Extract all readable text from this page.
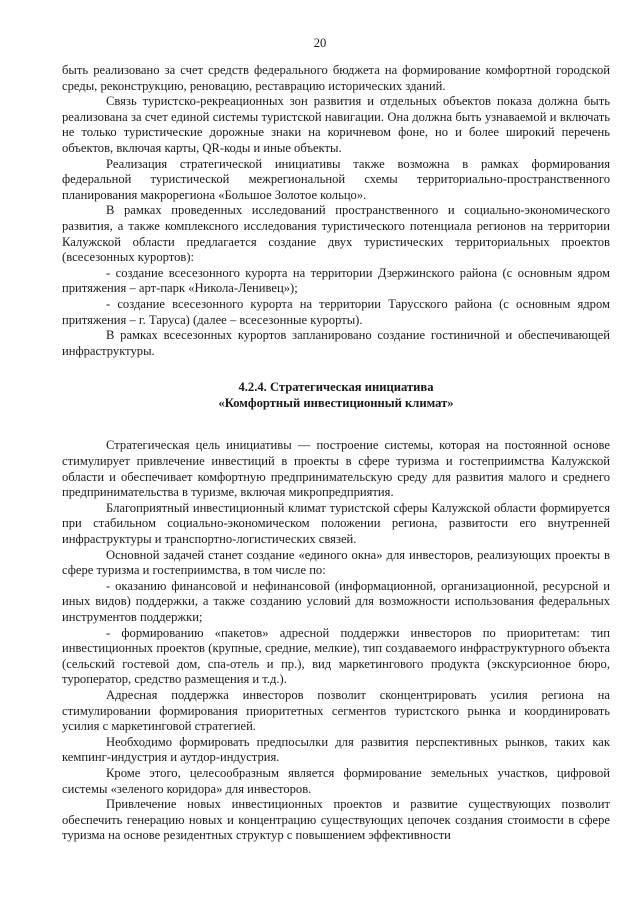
20

быть реализовано за счет средств федерального бюджета на формирование комфортной городской среды, реконструкцию, реновацию, реставрацию исторических зданий.

Связь туристско-рекреационных зон развития и отдельных объектов показа должна быть реализована за счет единой системы туристской навигации. Она должна быть узнаваемой и включать не только туристические дорожные знаки на коричневом фоне, но и более широкий перечень объектов, включая карты, QR-коды и иные объекты.

Реализация стратегической инициативы также возможна в рамках формирования федеральной туристической межрегиональной схемы территориально-пространственного планирования макрорегиона «Большое Золотое кольцо».

В рамках проведенных исследований пространственного и социально-экономического развития, а также комплексного исследования туристического потенциала регионов на территории Калужской области предлагается создание двух туристических территориальных проектов (всесезонных курортов):

- создание всесезонного курорта на территории Дзержинского района (с основным ядром притяжения – арт-парк «Никола-Ленивец»);

- создание всесезонного курорта на территории Тарусского района (с основным ядром притяжения – г. Таруса) (далее – всесезонные курорты).

В рамках всесезонных курортов запланировано создание гостиничной и обеспечивающей инфраструктуры.

4.2.4. Стратегическая инициатива

«Комфортный инвестиционный климат»

Стратегическая цель инициативы — построение системы, которая на постоянной основе стимулирует привлечение инвестиций в проекты в сфере туризма и гостеприимства Калужской области и обеспечивает комфортную предпринимательскую среду для развития малого и среднего предпринимательства в туризме, включая микропредприятия.

Благоприятный инвестиционный климат туристской сферы Калужской области формируется при стабильном социально-экономическом положении региона, развитости его внутренней инфраструктуры и транспортно-логистических связей.

Основной задачей станет создание «единого окна» для инвесторов, реализующих проекты в сфере туризма и гостеприимства, в том числе по:

- оказанию финансовой и нефинансовой (информационной, организационной, ресурсной и иных видов) поддержки, а также созданию условий для возможности использования федеральных инструментов поддержки;

- формированию «пакетов» адресной поддержки инвесторов по приоритетам: тип инвестиционных проектов (крупные, средние, мелкие), тип создаваемого инфраструктурного объекта (сельский гостевой дом, спа-отель и пр.), вид маркетингового продукта (экскурсионное бюро, туроператор, средство размещения и т.д.).

Адресная поддержка инвесторов позволит сконцентрировать усилия региона на стимулировании формирования приоритетных сегментов туристского рынка и координировать усилия с маркетинговой стратегией.

Необходимо формировать предпосылки для развития перспективных рынков, таких как кемпинг-индустрия и аутдор-индустрия.

Кроме этого, целесообразным является формирование земельных участков, цифровой системы «зеленого коридора» для инвесторов.

Привлечение новых инвестиционных проектов и развитие существующих позволит обеспечить генерацию новых и концентрацию существующих цепочек создания стоимости в сфере туризма на основе резидентных структур с повышением эффективности
